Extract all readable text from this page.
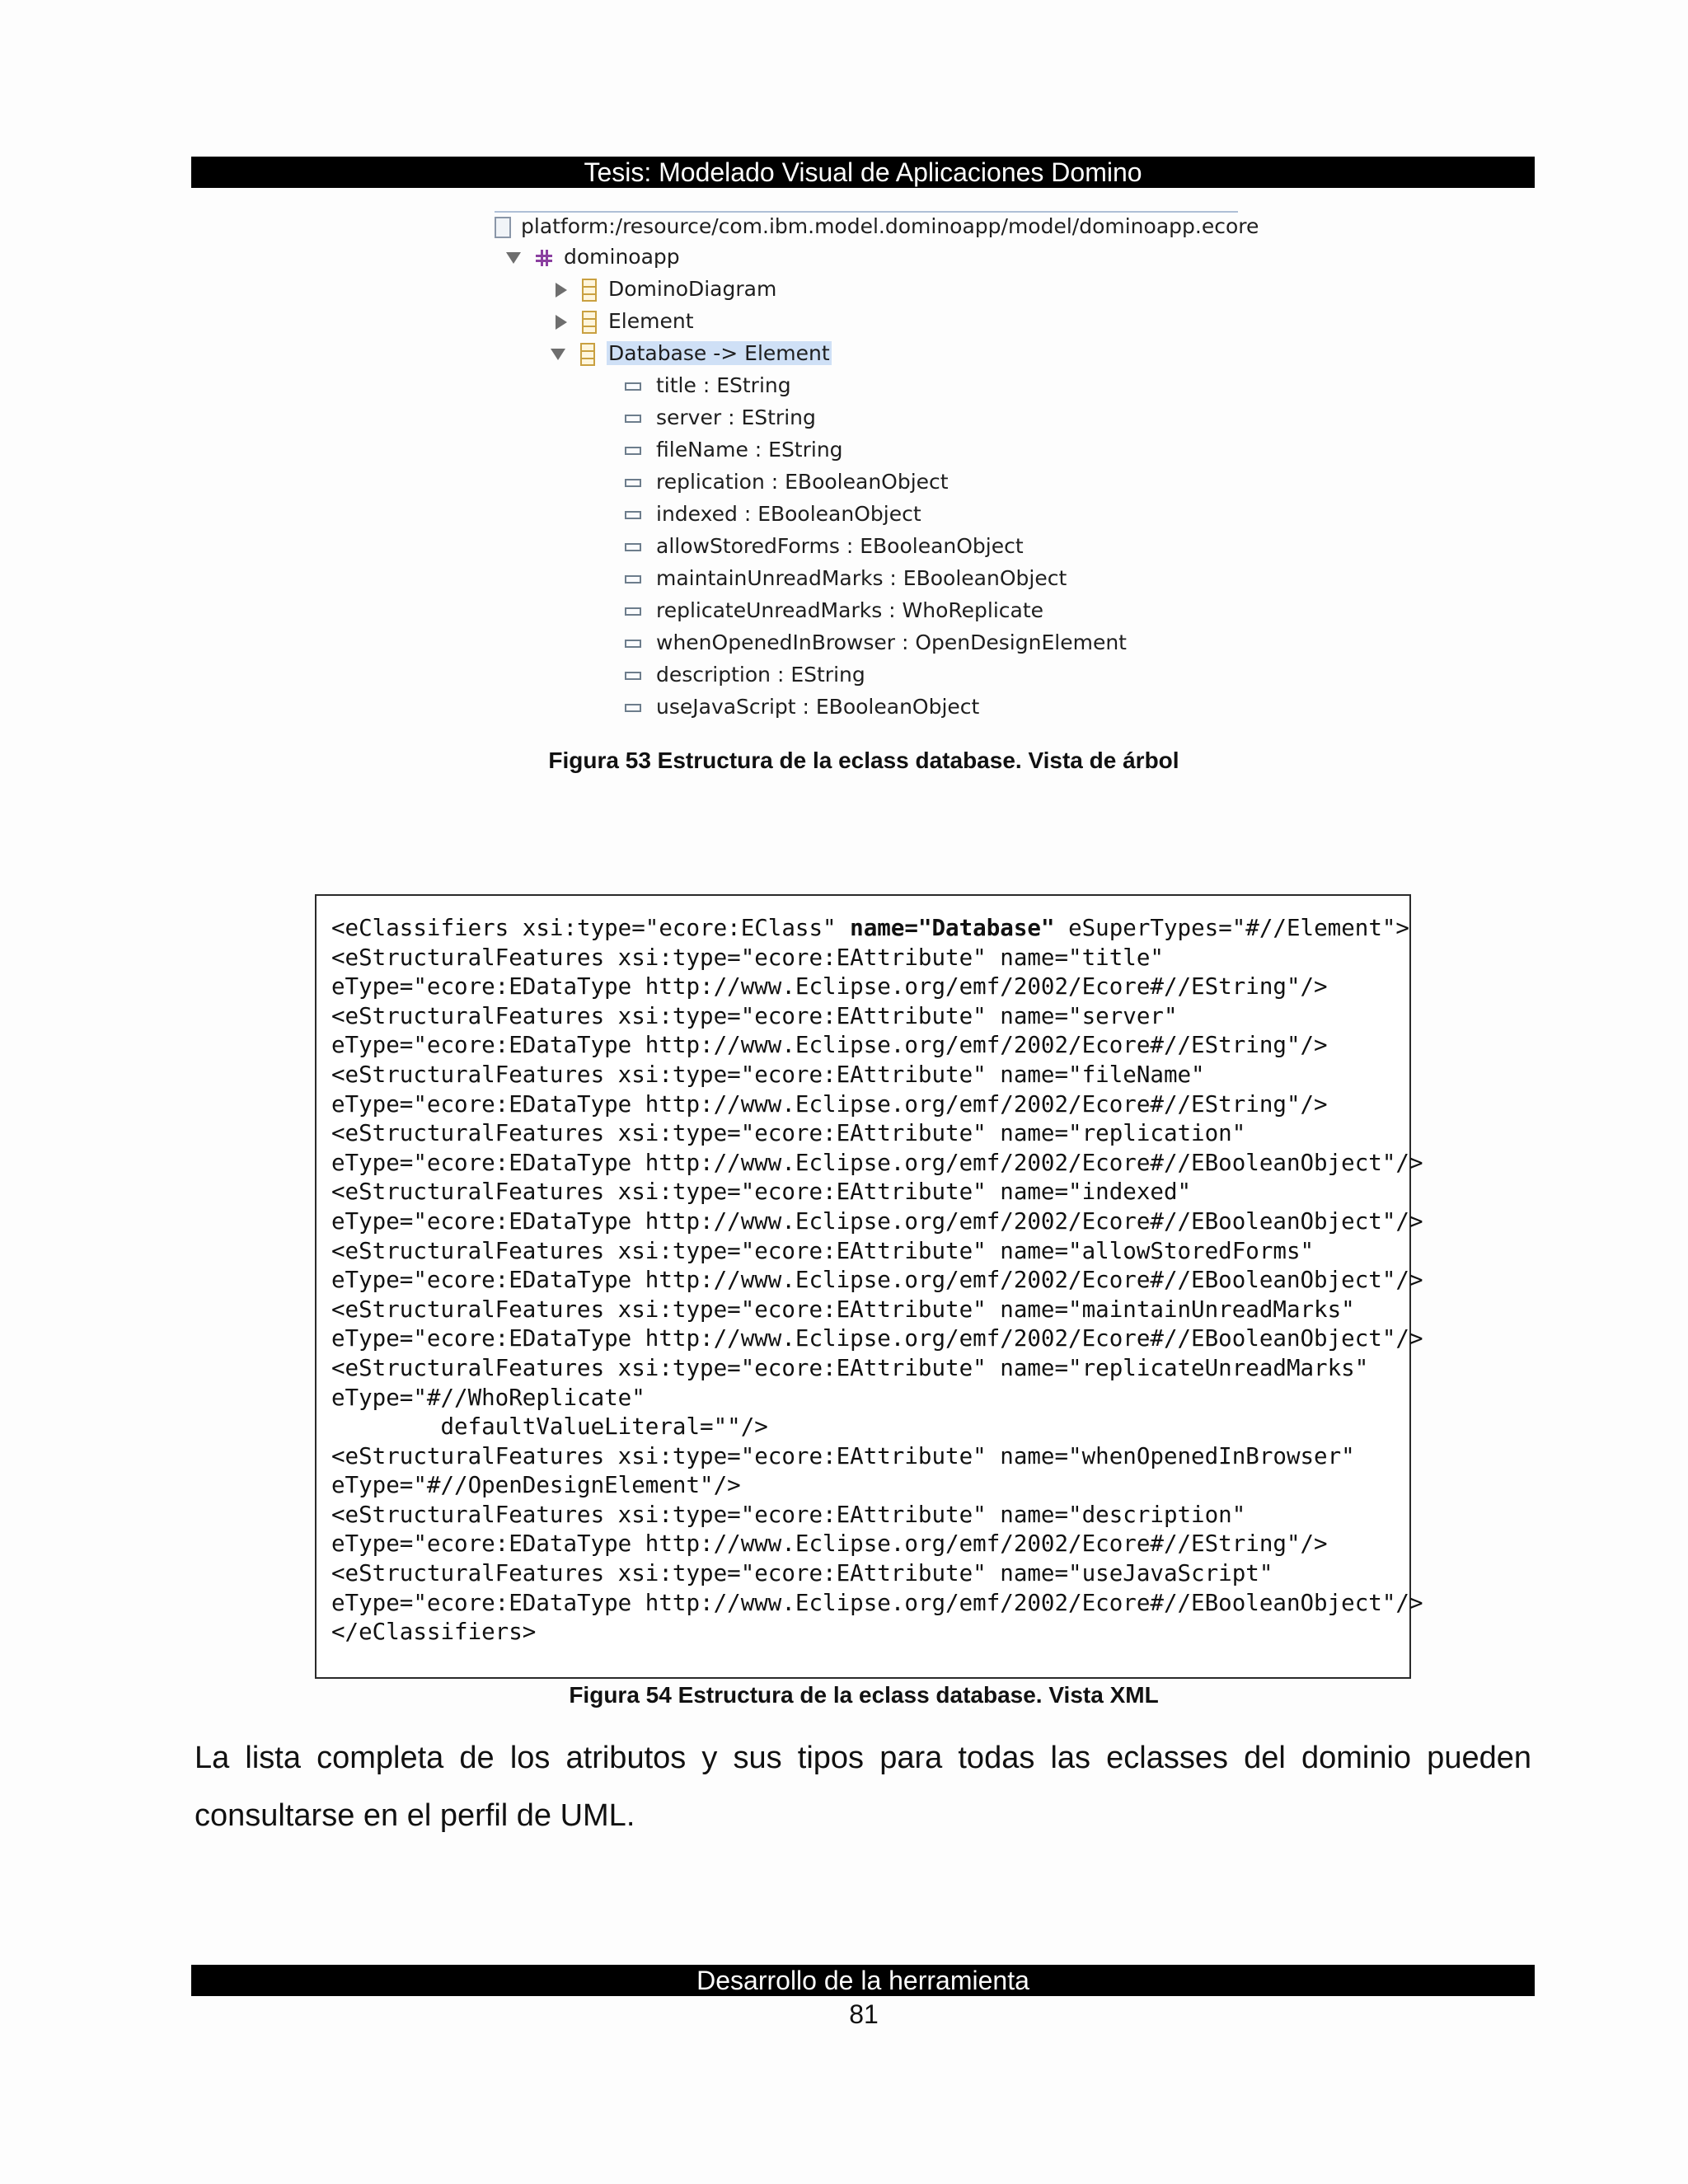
Tesis: Modelado Visual de Aplicaciones Domino
platform:/resource/com.ibm.model.dominoapp/model/dominoapp.ecore
dominoapp
DominoDiagram
Element
Database -> Element
title : EString
server : EString
fileName : EString
replication : EBooleanObject
indexed : EBooleanObject
allowStoredForms : EBooleanObject
maintainUnreadMarks : EBooleanObject
replicateUnreadMarks : WhoReplicate
whenOpenedInBrowser : OpenDesignElement
description : EString
useJavaScript : EBooleanObject
Figura 53 Estructura de la eclass database. Vista de árbol
<eClassifiers xsi:type="ecore:EClass" name="Database" eSuperTypes="#//Element">
<eStructuralFeatures xsi:type="ecore:EAttribute" name="title"
eType="ecore:EDataType http://www.Eclipse.org/emf/2002/Ecore#//EString"/>
<eStructuralFeatures xsi:type="ecore:EAttribute" name="server"
eType="ecore:EDataType http://www.Eclipse.org/emf/2002/Ecore#//EString"/>
<eStructuralFeatures xsi:type="ecore:EAttribute" name="fileName"
eType="ecore:EDataType http://www.Eclipse.org/emf/2002/Ecore#//EString"/>
<eStructuralFeatures xsi:type="ecore:EAttribute" name="replication"
eType="ecore:EDataType http://www.Eclipse.org/emf/2002/Ecore#//EBooleanObject"/>
<eStructuralFeatures xsi:type="ecore:EAttribute" name="indexed"
eType="ecore:EDataType http://www.Eclipse.org/emf/2002/Ecore#//EBooleanObject"/>
<eStructuralFeatures xsi:type="ecore:EAttribute" name="allowStoredForms"
eType="ecore:EDataType http://www.Eclipse.org/emf/2002/Ecore#//EBooleanObject"/>
<eStructuralFeatures xsi:type="ecore:EAttribute" name="maintainUnreadMarks"
eType="ecore:EDataType http://www.Eclipse.org/emf/2002/Ecore#//EBooleanObject"/>
<eStructuralFeatures xsi:type="ecore:EAttribute" name="replicateUnreadMarks"
eType="#//WhoReplicate"
defaultValueLiteral=""/>
<eStructuralFeatures xsi:type="ecore:EAttribute" name="whenOpenedInBrowser"
eType="#//OpenDesignElement"/>
<eStructuralFeatures xsi:type="ecore:EAttribute" name="description"
eType="ecore:EDataType http://www.Eclipse.org/emf/2002/Ecore#//EString"/>
<eStructuralFeatures xsi:type="ecore:EAttribute" name="useJavaScript"
eType="ecore:EDataType http://www.Eclipse.org/emf/2002/Ecore#//EBooleanObject"/>
</eClassifiers>
Figura 54 Estructura de la eclass database. Vista XML
La lista completa de los atributos y sus tipos para todas las eclasses del dominio pueden consultarse en el perfil de UML.
Desarrollo de la herramienta
81
